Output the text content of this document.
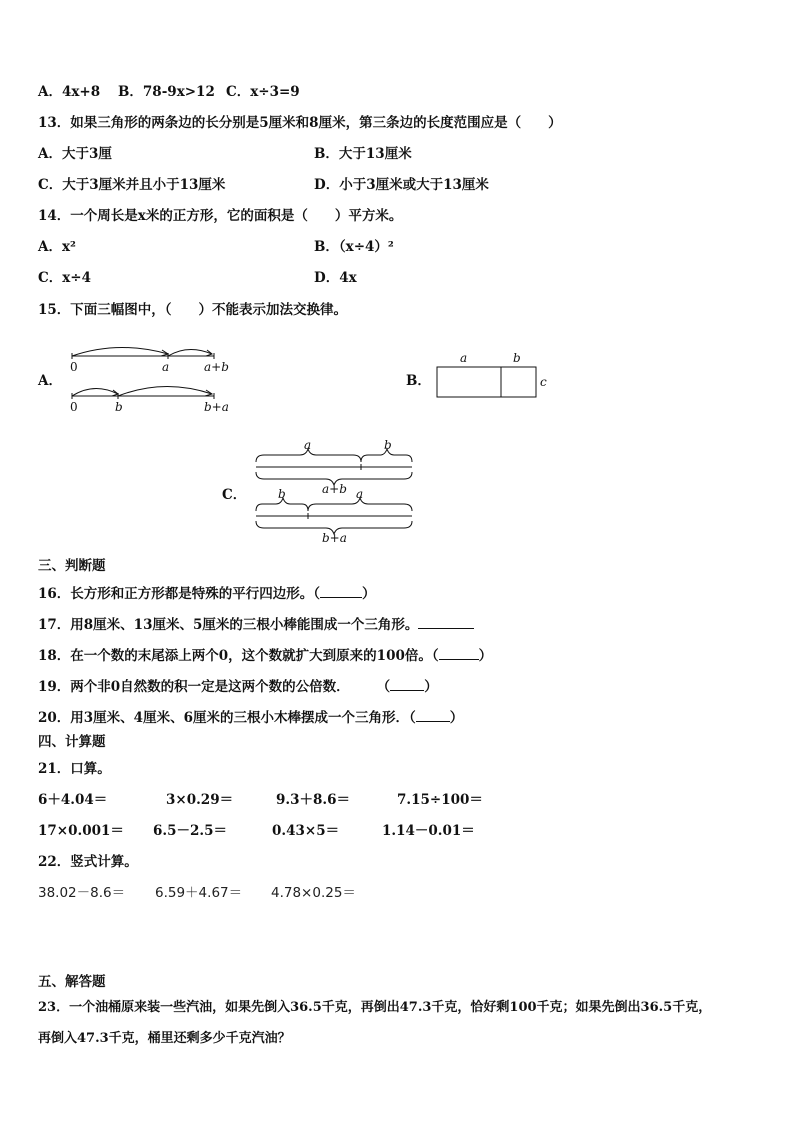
A．4x+8 B．78-9x>12 C．x÷3=9
13．如果三角形的两条边的长分别是5厘米和8厘米，第三条边的长度范围应是（　　）
A．大于3厘	B．大于13厘米
C．大于3厘米并且小于13厘米	D．小于3厘米或大于13厘米
14．一个周长是x米的正方形，它的面积是（　　）平方米。
A．x²	B．（x÷4）²
C．x÷4	D．4x
15．下面三幅图中，（　　）不能表示加法交换律。
A．
0	a	a+b
0	b	b+a
B．
a	b
c
C．
a	b
a+b
b	a
b+a
三、判断题
16．长方形和正方形都是特殊的平行四边形。（	）
17．用8厘米、13厘米、5厘米的三根小棒能围成一个三角形。
18．在一个数的末尾添上两个0，这个数就扩大到原来的100倍。（	）
19．两个非0自然数的积一定是这两个数的公倍数．　　　（	）
20．用3厘米、4厘米、6厘米的三根小木棒摆成一个三角形．（	）
四、计算题
21．口算。
6＋4.04＝	3×0.29＝	9.3＋8.6＝	7.15÷100＝
17×0.001＝ 6.5－2.5＝	0.43×5＝	1.14－0.01＝
22．竖式计算。
38.02－8.6＝ 6.59＋4.67＝ 4.78×0.25＝
五、解答题
23．一个油桶原来装一些汽油，如果先倒入36.5千克，再倒出47.3千克，恰好剩100千克；如果先倒出36.5千克，
再倒入47.3千克，桶里还剩多少千克汽油？
